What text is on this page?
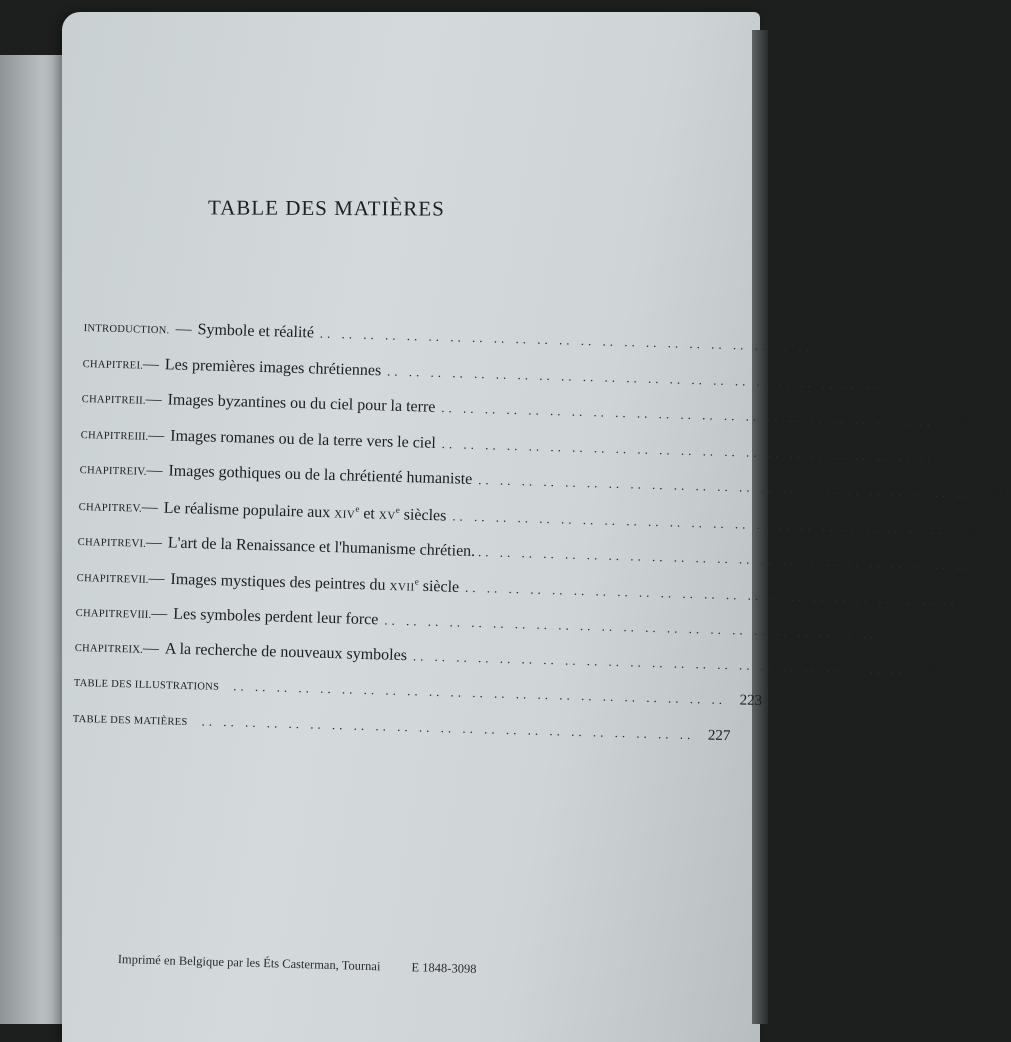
TABLE DES MATIÈRES
INTRODUCTION. — Symbole et réalité .. .. .. .. .. .. .. .. .. .. .. .. .. .. .. .. .. .. .. .. .. .. ..	7
CHAPITRE I. — Les premières images chrétiennes .. .. .. .. .. .. .. .. .. .. .. .. .. .. .. .. .. .. .. .. .. .. ..	27
CHAPITRE II. — Images byzantines ou du ciel pour la terre .. .. .. .. .. .. .. .. .. .. .. .. .. .. .. .. .. .. .. .. .. .. ..	39
CHAPITRE III. — Images romanes ou de la terre vers le ciel .. .. .. .. .. .. .. .. .. .. .. .. .. .. .. .. .. .. .. .. .. .. ..	61
CHAPITRE IV. — Images gothiques ou de la chrétienté humaniste .. .. .. .. .. .. .. .. .. .. .. .. .. .. .. .. .. .. .. .. .. .. ..	81
CHAPITRE V. — Le réalisme populaire aux XIVe et XVe siècles .. .. .. .. .. .. .. .. .. .. .. .. .. .. .. .. .. .. .. .. .. .. .. 105
CHAPITRE VI. — L'art de la Renaissance et l'humanisme chrétien. .. .. .. .. .. .. .. .. .. .. .. .. .. .. .. .. .. .. .. .. .. .. .. 127
CHAPITRE VII. — Images mystiques des peintres du XVIIe siècle .. .. .. .. .. .. .. .. .. .. .. .. .. .. .. .. .. .. .. .. .. .. .. 147
CHAPITRE VIII. — Les symboles perdent leur force .. .. .. .. .. .. .. .. .. .. .. .. .. .. .. .. .. .. .. .. .. .. .. 175
CHAPITRE IX. — A la recherche de nouveaux symboles .. .. .. .. .. .. .. .. .. .. .. .. .. .. .. .. .. .. .. .. .. .. .. 185
TABLE DES ILLUSTRATIONS .. .. .. .. .. .. .. .. .. .. .. .. .. .. .. .. .. .. .. .. .. .. .. 223
TABLE DES MATIÈRES .. .. .. .. .. .. .. .. .. .. .. .. .. .. .. .. .. .. .. .. .. .. .. 227
Imprimé en Belgique par les Éts Casterman, Tournai E 1848-3098
